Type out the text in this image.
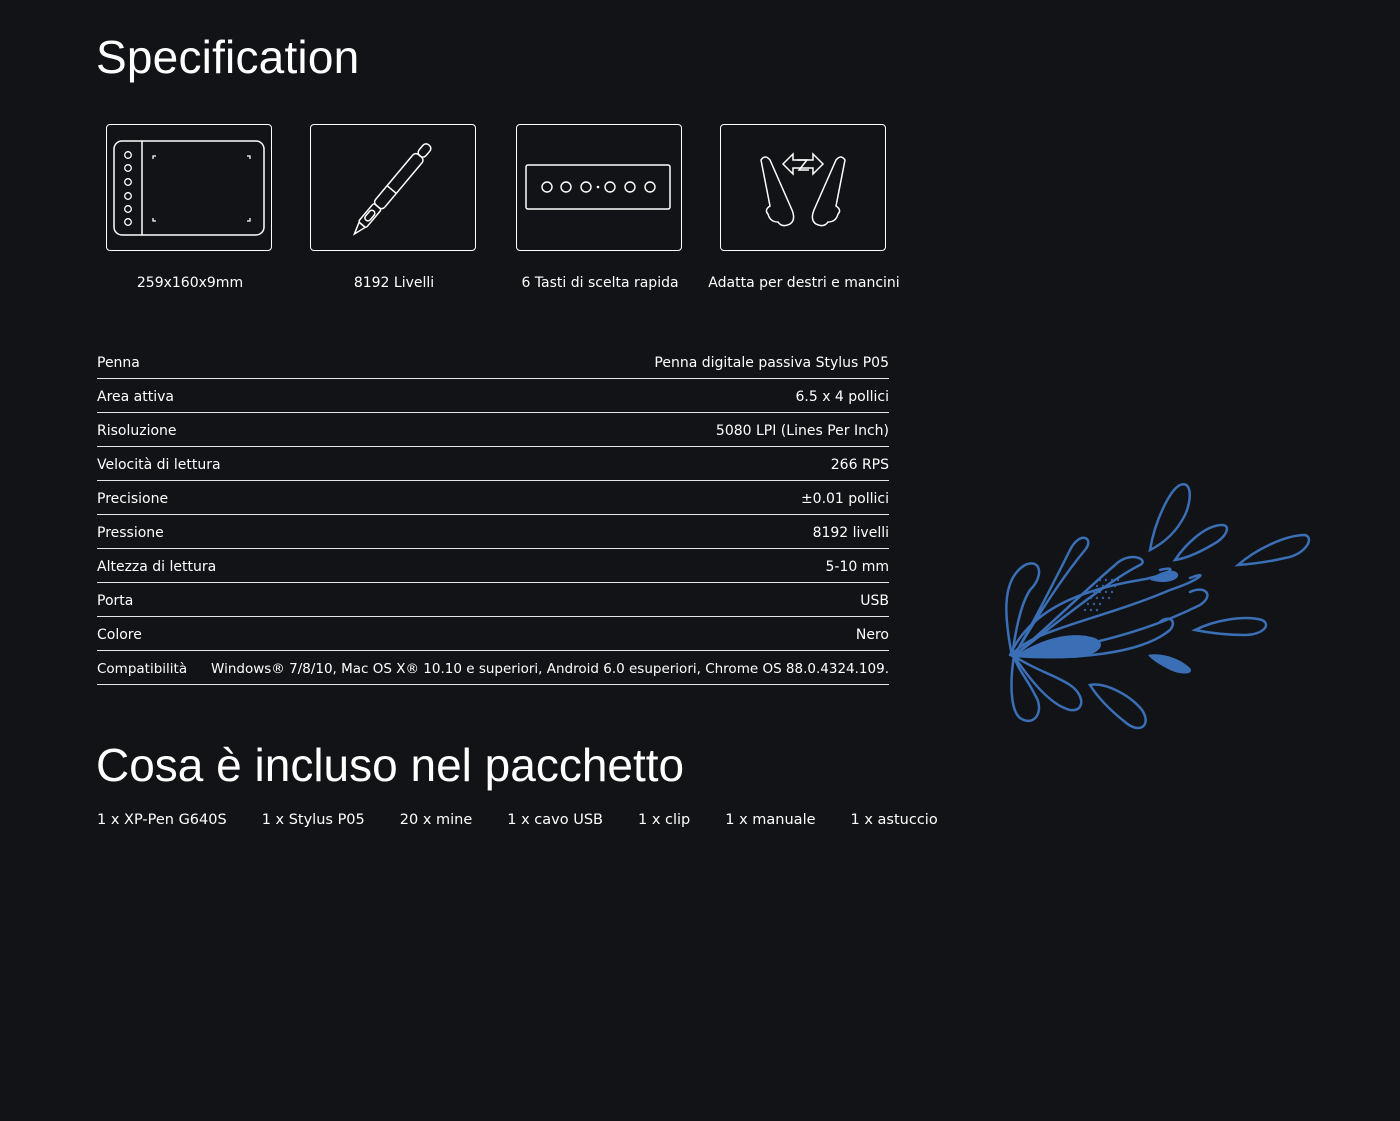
Specification
259x160x9mm	8192 Livelli	6 Tasti di scelta rapida	Adatta per destri e mancini
Penna	Penna digitale passiva Stylus P05
Area attiva	6.5 x 4 pollici
Risoluzione	5080 LPI (Lines Per Inch)
Velocità di lettura	266 RPS
Precisione	±0.01 pollici
Pressione	8192 livelli
Altezza di lettura	5-10 mm
Porta	USB
Colore	Nero
Compatibilità Windows® 7/8/10, Mac OS X® 10.10 e superiori, Android 6.0 esuperiori, Chrome OS 88.0.4324.109.
Cosa è incluso nel pacchetto
1 x XP-Pen G640S 1 x Stylus P05 20 x mine 1 x cavo USB 1 x clip 1 x manuale 1 x astuccio
